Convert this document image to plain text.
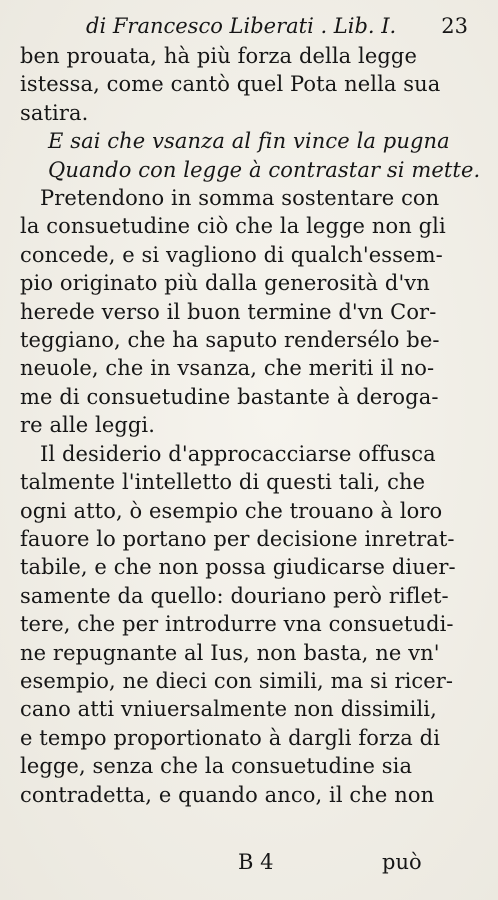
di Francesco Liberati . Lib. I. 23
ben prouata, hà più forza della legge
istessa, come cantò quel Pota nella sua
satira.
E sai che vsanza al fin vince la pugna
Quando con legge à contrastar si mette.
Pretendono in somma sostentare con
la consuetudine ciò che la legge non gli
concede, e si vagliono di qualch'essem-
pio originato più dalla generosità d'vn
herede verso il buon termine d'vn Cor-
teggiano, che ha saputo rendersélo be-
neuole, che in vsanza, che meriti il no-
me di consuetudine bastante à deroga-
re alle leggi.
Il desiderio d'approcacciarse offusca
talmente l'intelletto di questi tali, che
ogni atto, ò esempio che trouano à loro
fauore lo portano per decisione inretrat-
tabile, e che non possa giudicarse diuer-
samente da quello: douriano però riflet-
tere, che per introdurre vna consuetudi-
ne repugnante al Ius, non basta, ne vn'
esempio, ne dieci con simili, ma si ricer-
cano atti vniuersalmente non dissimili,
e tempo proportionato à dargli forza di
legge, senza che la consuetudine sia
contradetta, e quando anco, il che non
B 4	può
